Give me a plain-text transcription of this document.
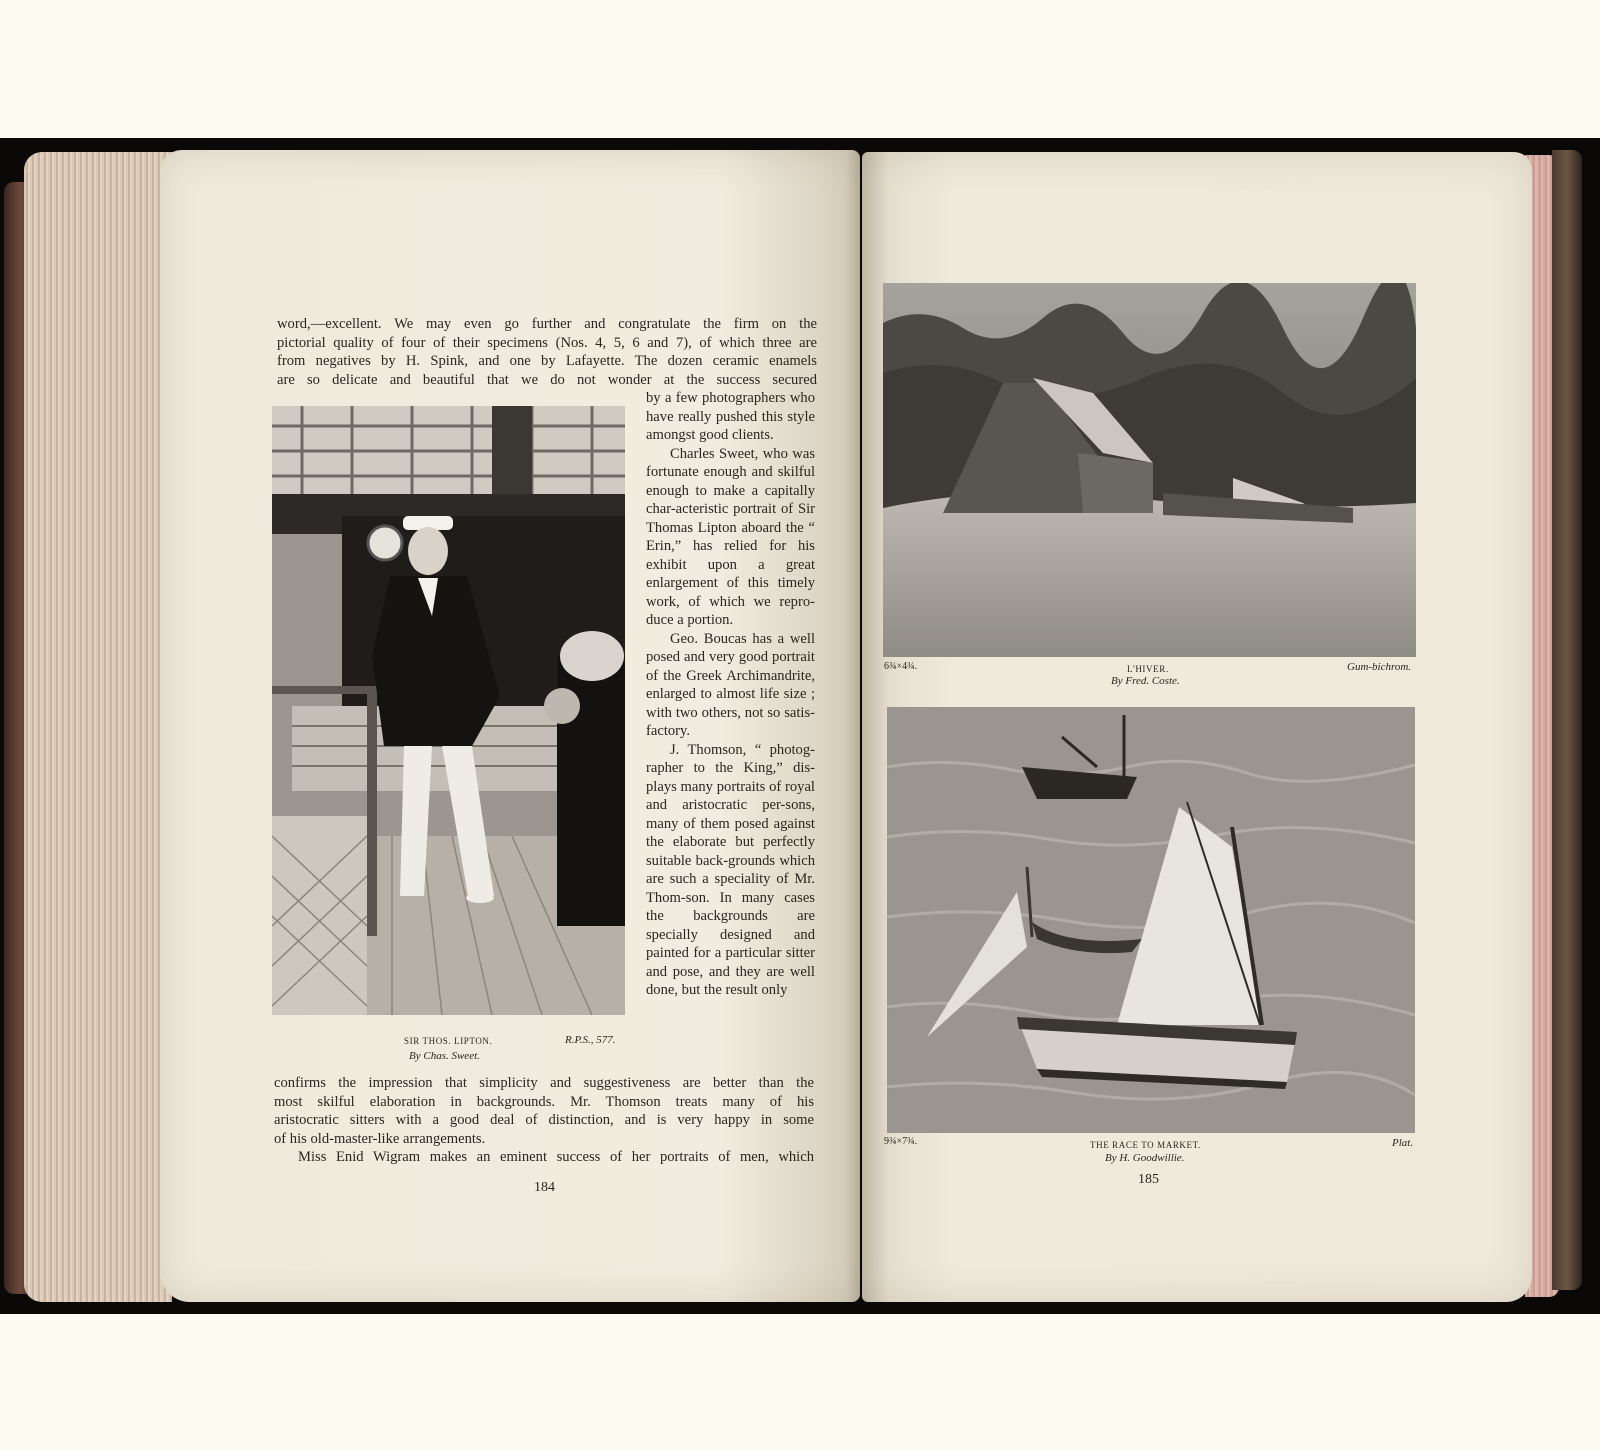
word,—excellent. We may even go further and congratulate the firm on the

pictorial quality of four of their specimens (Nos. 4, 5, 6 and 7), of which three are

from negatives by H. Spink, and one by Lafayette. The dozen ceramic enamels

are so delicate and beautiful that we do not wonder at the success secured

by a few photographers who have really pushed this style amongst good clients.

Charles Sweet, who was fortunate enough and skilful enough to make a capitally char-acteristic portrait of Sir Thomas Lipton aboard the “ Erin,” has relied for his exhibit upon a great enlargement of this timely work, of which we repro-duce a portion.

Geo. Boucas has a well posed and very good portrait of the Greek Archimandrite, enlarged to almost life size ; with two others, not so satis-factory.

J. Thomson, “ photog-rapher to the King,” dis-plays many portraits of royal and aristocratic per-sons, many of them posed against the elaborate but perfectly suitable back-grounds which are such a speciality of Mr. Thom-son. In many cases the backgrounds are specially designed and painted for a particular sitter and pose, and they are well done, but the result only

SIR THOS. LIPTON.	R.P.S., 577.
By Chas. Sweet.

confirms the impression that simplicity and suggestiveness are better than the

most skilful elaboration in backgrounds. Mr. Thomson treats many of his

aristocratic sitters with a good deal of distinction, and is very happy in some

of his old-master-like arrangements.

Miss Enid Wigram makes an eminent success of her portraits of men, which

184
6¾×4¾.	L'HIVER.	Gum-bichrom.
By Fred. Coste.
9¾×7¾.	THE RACE TO MARKET.	Plat.
By H. Goodwillie.
185
